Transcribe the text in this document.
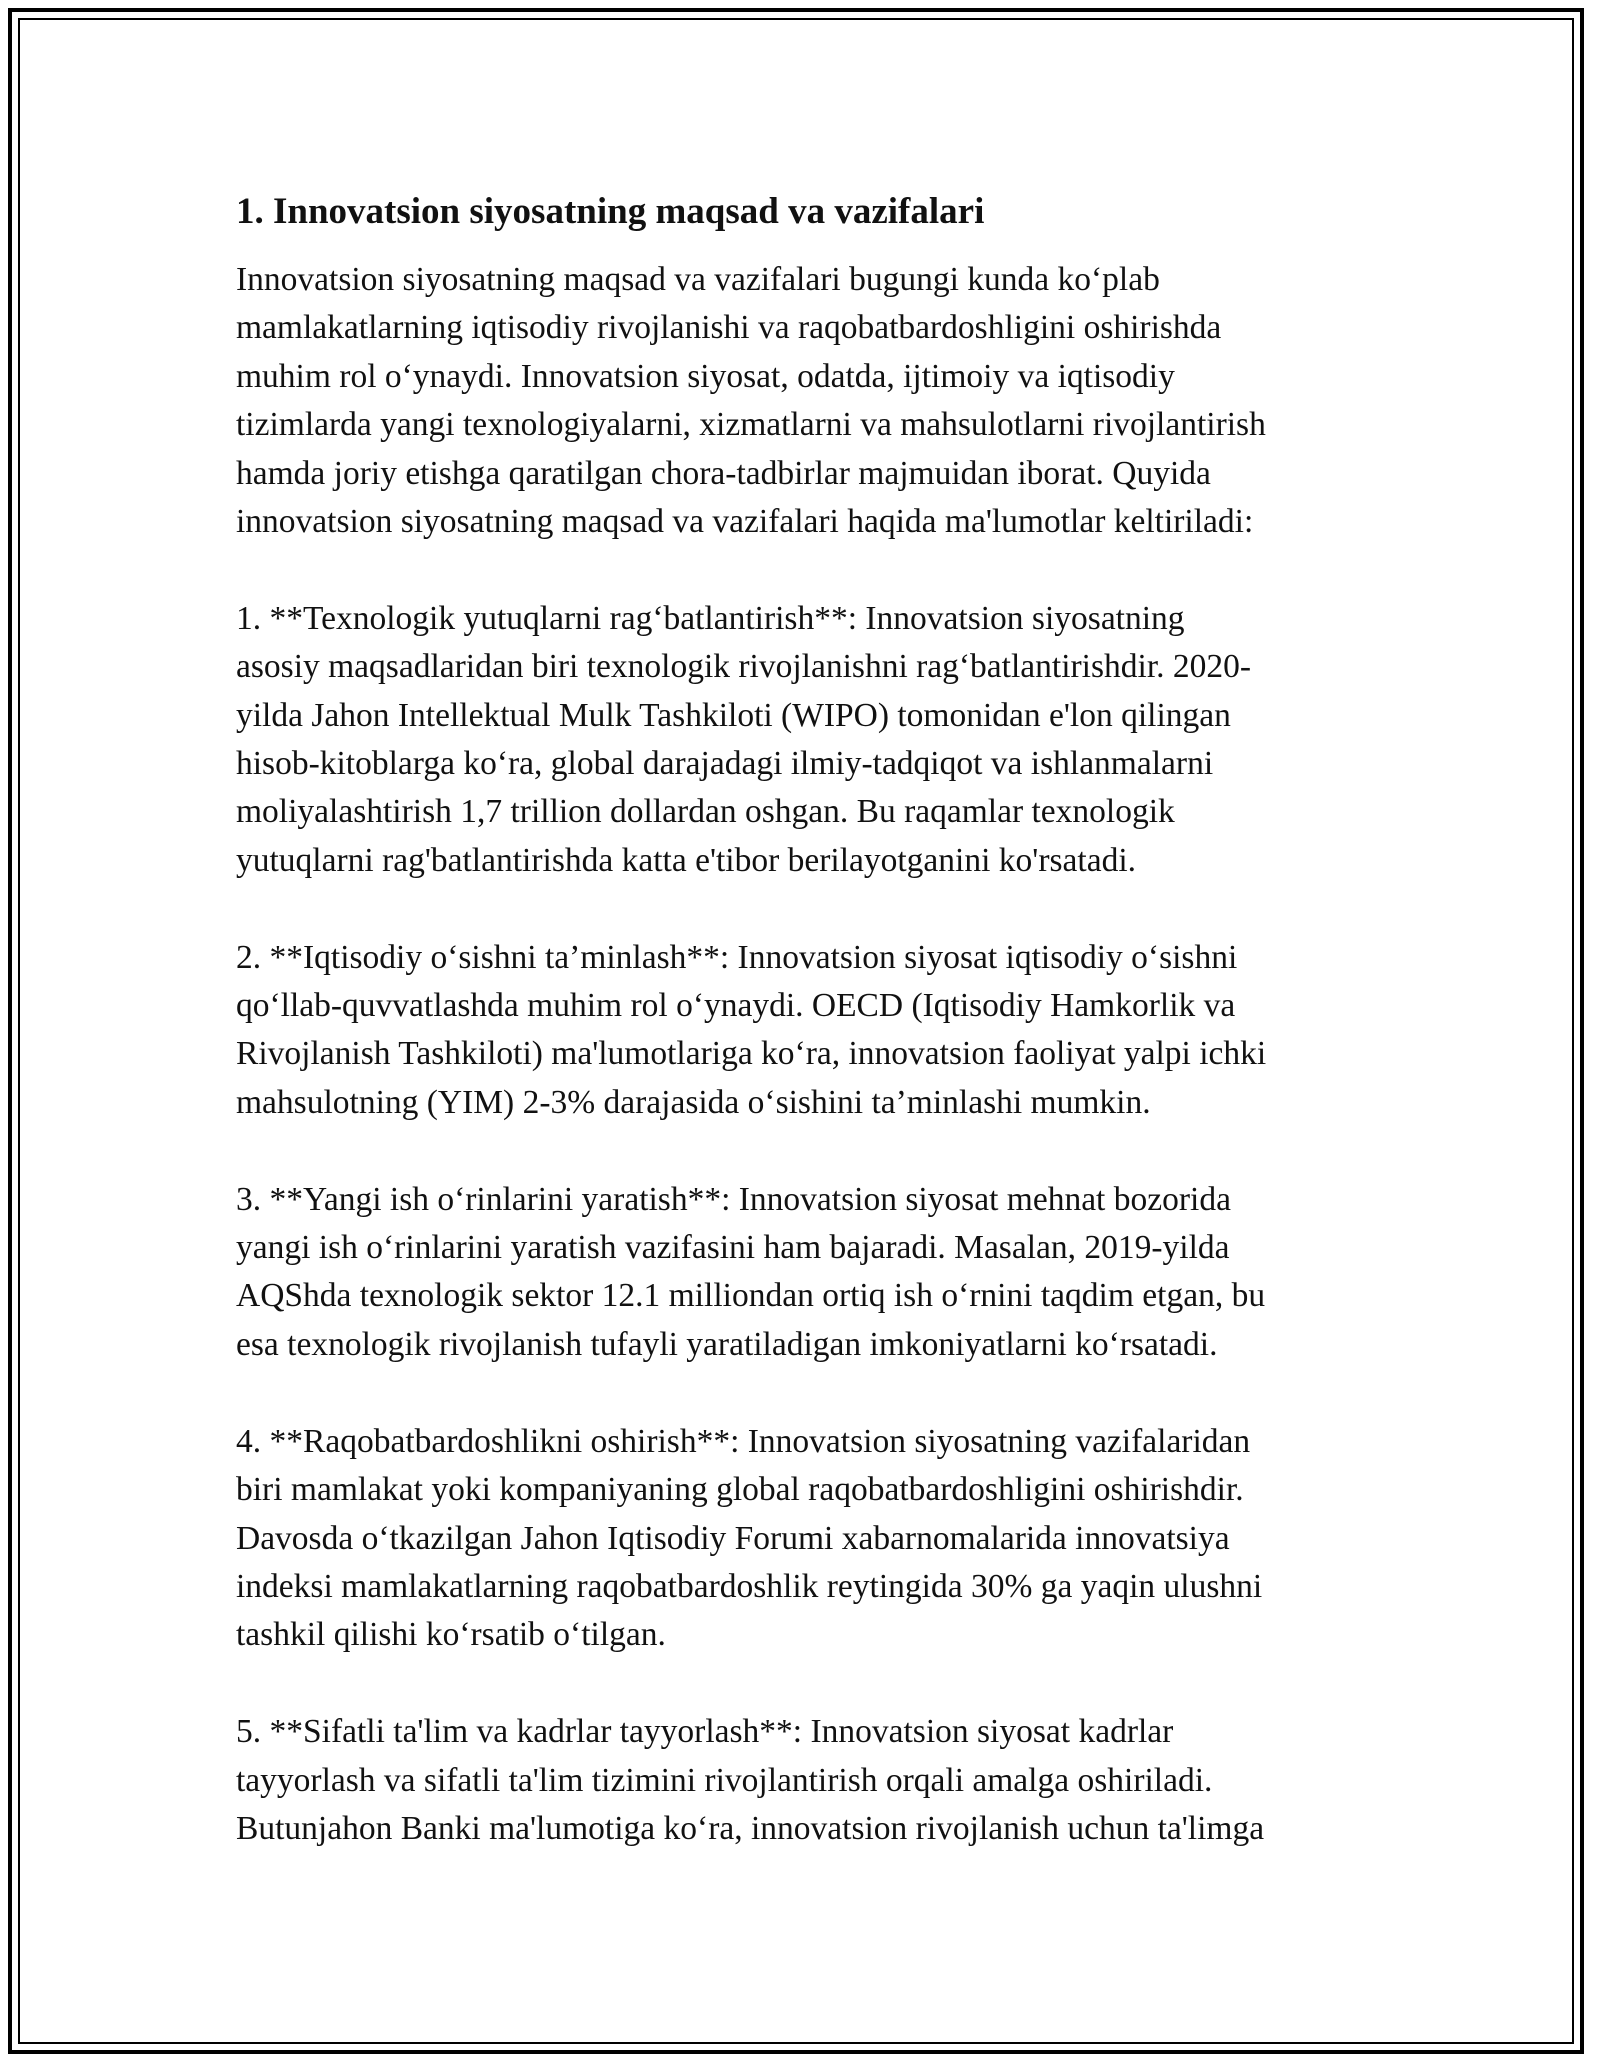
1. Innovatsion siyosatning maqsad va vazifalari

Innovatsion siyosatning maqsad va vazifalari bugungi kunda ko‘plab
mamlakatlarning iqtisodiy rivojlanishi va raqobatbardoshligini oshirishda
muhim rol o‘ynaydi. Innovatsion siyosat, odatda, ijtimoiy va iqtisodiy
tizimlarda yangi texnologiyalarni, xizmatlarni va mahsulotlarni rivojlantirish
hamda joriy etishga qaratilgan chora-tadbirlar majmuidan iborat. Quyida
innovatsion siyosatning maqsad va vazifalari haqida ma'lumotlar keltiriladi:

1. **Texnologik yutuqlarni rag‘batlantirish**: Innovatsion siyosatning
asosiy maqsadlaridan biri texnologik rivojlanishni rag‘batlantirishdir. 2020-
yilda Jahon Intellektual Mulk Tashkiloti (WIPO) tomonidan e'lon qilingan
hisob-kitoblarga ko‘ra, global darajadagi ilmiy-tadqiqot va ishlanmalarni
moliyalashtirish 1,7 trillion dollardan oshgan. Bu raqamlar texnologik
yutuqlarni rag'batlantirishda katta e'tibor berilayotganini ko'rsatadi.

2. **Iqtisodiy o‘sishni ta’minlash**: Innovatsion siyosat iqtisodiy o‘sishni
qo‘llab-quvvatlashda muhim rol o‘ynaydi. OECD (Iqtisodiy Hamkorlik va
Rivojlanish Tashkiloti) ma'lumotlariga ko‘ra, innovatsion faoliyat yalpi ichki
mahsulotning (YIM) 2-3% darajasida o‘sishini ta’minlashi mumkin.

3. **Yangi ish o‘rinlarini yaratish**: Innovatsion siyosat mehnat bozorida
yangi ish o‘rinlarini yaratish vazifasini ham bajaradi. Masalan, 2019-yilda
AQShda texnologik sektor 12.1 milliondan ortiq ish o‘rnini taqdim etgan, bu
esa texnologik rivojlanish tufayli yaratiladigan imkoniyatlarni ko‘rsatadi.

4. **Raqobatbardoshlikni oshirish**: Innovatsion siyosatning vazifalaridan
biri mamlakat yoki kompaniyaning global raqobatbardoshligini oshirishdir.
Davosda o‘tkazilgan Jahon Iqtisodiy Forumi xabarnomalarida innovatsiya
indeksi mamlakatlarning raqobatbardoshlik reytingida 30% ga yaqin ulushni
tashkil qilishi ko‘rsatib o‘tilgan.

5. **Sifatli ta'lim va kadrlar tayyorlash**: Innovatsion siyosat kadrlar
tayyorlash va sifatli ta'lim tizimini rivojlantirish orqali amalga oshiriladi.
Butunjahon Banki ma'lumotiga ko‘ra, innovatsion rivojlanish uchun ta'limga
